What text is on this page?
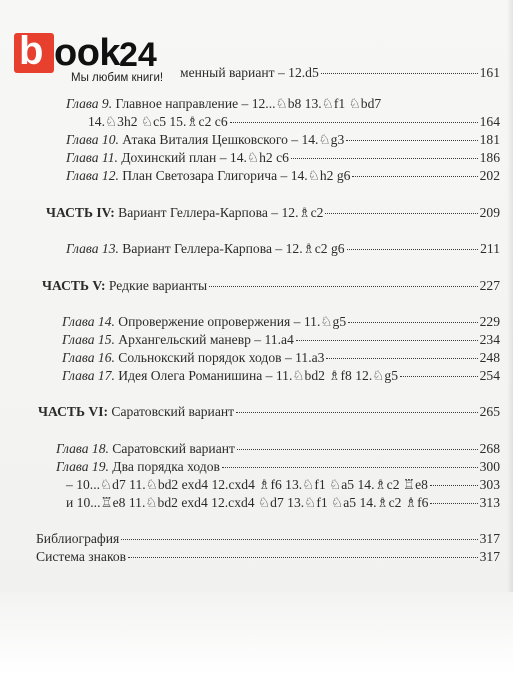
b ook
24
Мы любим книги! менный вариант – 12.d5	161
Глава 9. Главное направление – 12...♘b8 13.♘f1 ♘bd7
14.♘3h2 ♘c5 15.♗c2 c6	164
Глава 10. Атака Виталия Цешковского – 14.♘g3	181
Глава 11. Дохинский план – 14.♘h2 c6	186
Глава 12. План Светозара Глигорича – 14.♘h2 g6	202
ЧАСТЬ IV: Вариант Геллера-Карпова – 12.♗c2	209
Глава 13. Вариант Геллера-Карпова – 12.♗c2 g6	211
ЧАСТЬ V: Редкие варианты	227
Глава 14. Опровержение опровержения – 11.♘g5	229
Глава 15. Архангельский маневр – 11.a4	234
Глава 16. Сольнокский порядок ходов – 11.a3	248
Глава 17. Идея Олега Романишина – 11.♘bd2 ♗f8 12.♘g5	254
ЧАСТЬ VI: Саратовский вариант	265
Глава 18. Саратовский вариант	268
Глава 19. Два порядка ходов	300
– 10...♘d7 11.♘bd2 exd4 12.cxd4 ♗f6 13.♘f1 ♘a5 14.♗c2 ♖e8	303
и 10...♖e8 11.♘bd2 exd4 12.cxd4 ♘d7 13.♘f1 ♘a5 14.♗c2 ♗f6	313
Библиография	317
Система знаков	317
